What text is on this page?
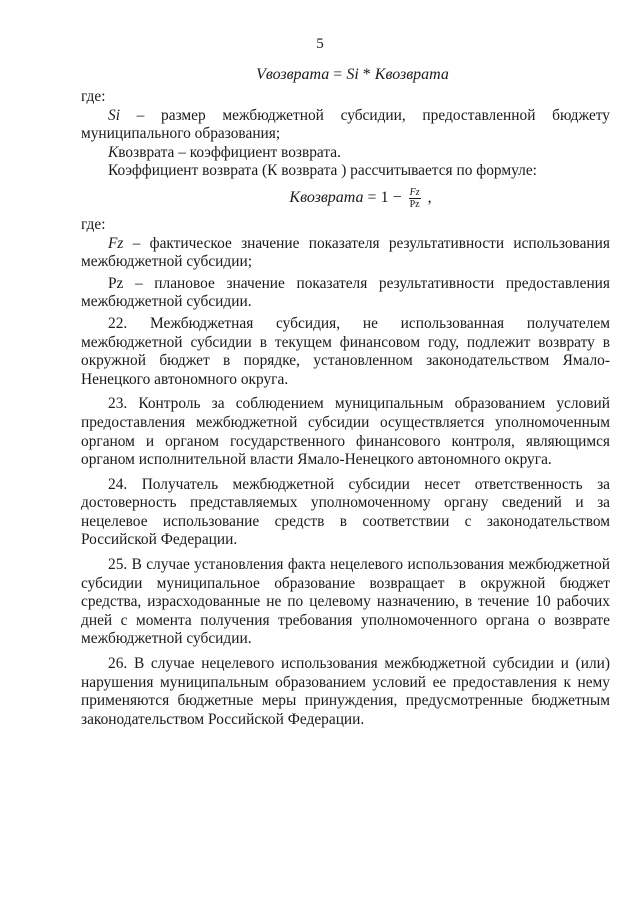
5
Vвозврата = Si * Kвозврата

где:

Si – размер межбюджетной субсидии, предоставленной бюджету муниципального образования;

Kвозврата – коэффициент возврата.

Коэффициент возврата (К возврата ) рассчитывается по формуле:

Kвозврата = $1 - \frac{Fz}{Pz}$ ,

где:

Fz – фактическое значение показателя результативности использования межбюджетной субсидии;

Pz – плановое значение показателя результативности предоставления межбюджетной субсидии.

22. Межбюджетная субсидия, не использованная получателем межбюджетной субсидии в текущем финансовом году, подлежит возврату в окружной бюджет в порядке, установленном законодательством Ямало-Ненецкого автономного округа.

23. Контроль за соблюдением муниципальным образованием условий предоставления межбюджетной субсидии осуществляется уполномоченным органом и органом государственного финансового контроля, являющимся органом исполнительной власти Ямало-Ненецкого автономного округа.

24. Получатель межбюджетной субсидии несет ответственность за достоверность представляемых уполномоченному органу сведений и за нецелевое использование средств в соответствии с законодательством Российской Федерации.

25. В случае установления факта нецелевого использования межбюджетной субсидии муниципальное образование возвращает в окружной бюджет средства, израсходованные не по целевому назначению, в течение 10 рабочих дней с момента получения требования уполномоченного органа о возврате межбюджетной субсидии.

26. В случае нецелевого использования межбюджетной субсидии и (или) нарушения муниципальным образованием условий ее предоставления к нему применяются бюджетные меры принуждения, предусмотренные бюджетным законодательством Российской Федерации.
